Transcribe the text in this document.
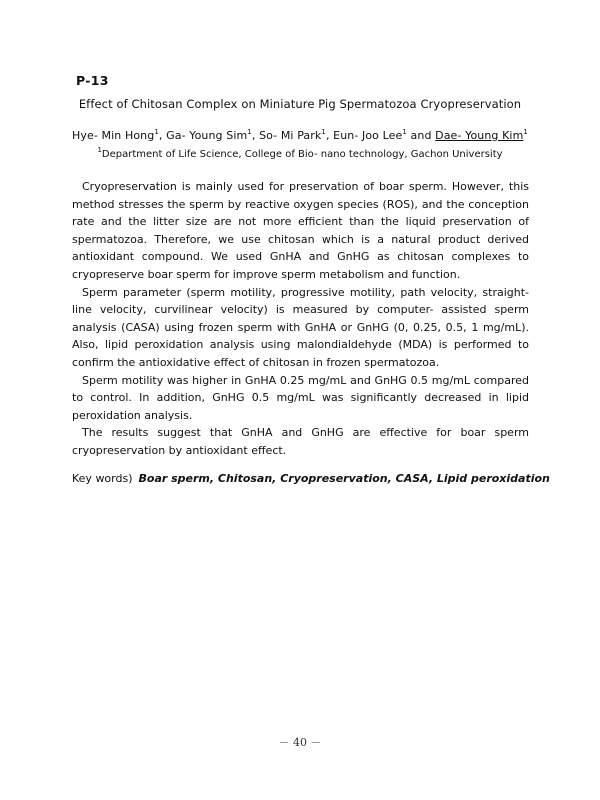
P-13
Effect of Chitosan Complex on Miniature Pig Spermatozoa Cryopreservation
Hye- Min Hong$^1$, Ga- Young Sim$^1$, So- Mi Park$^1$, Eun- Joo Lee$^1$ and Dae- Young Kim$^1$
$^1$Department of Life Science, College of Bio- nano technology, Gachon University

Cryopreservation is mainly used for preservation of boar sperm. However, this method stresses the sperm by reactive oxygen species (ROS), and the conception rate and the litter size are not more efficient than the liquid preservation of spermatozoa. Therefore, we use chitosan which is a natural product derived antioxidant compound. We used GnHA and GnHG as chitosan complexes to cryopreserve boar sperm for improve sperm metabolism and function.

Sperm parameter (sperm motility, progressive motility, path velocity, straight- line velocity, curvilinear velocity) is measured by computer- assisted sperm analysis (CASA) using frozen sperm with GnHA or GnHG (0, 0.25, 0.5, 1 mg/mL). Also, lipid peroxidation analysis using malondialdehyde (MDA) is performed to confirm the antioxidative effect of chitosan in frozen spermatozoa.

Sperm motility was higher in GnHA 0.25 mg/mL and GnHG 0.5 mg/mL compared to control. In addition, GnHG 0.5 mg/mL was significantly decreased in lipid peroxidation analysis.

The results suggest that GnHA and GnHG are effective for boar sperm cryopreservation by antioxidant effect.

Key words) Boar sperm, Chitosan, Cryopreservation, CASA, Lipid peroxidation
－ 40 －
